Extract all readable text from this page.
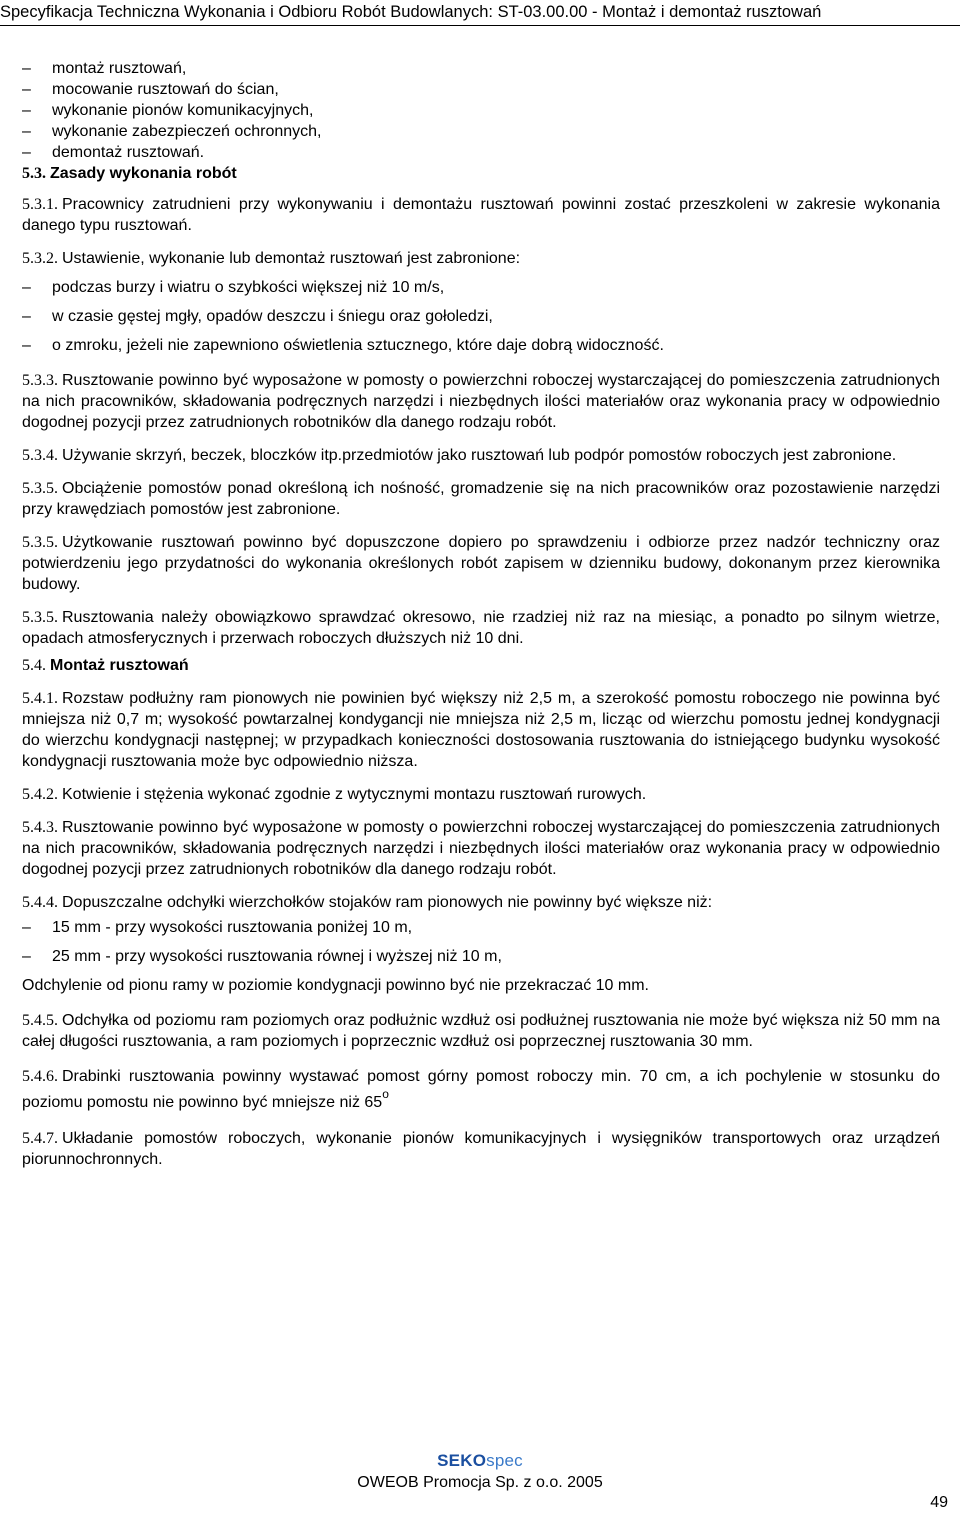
Specyfikacja Techniczna Wykonania i Odbioru Robót Budowlanych: ST-03.00.00 - Montaż i demontaż rusztowań
– montaż rusztowań,
– mocowanie rusztowań do ścian,
– wykonanie pionów komunikacyjnych,
– wykonanie zabezpieczeń ochronnych,
– demontaż rusztowań.

5.3. Zasady wykonania robót

5.3.1. Pracownicy zatrudnieni przy wykonywaniu i demontażu rusztowań powinni zostać przeszkoleni w zakresie wykonania danego typu rusztowań.

5.3.2. Ustawienie, wykonanie lub demontaż rusztowań jest zabronione:

– podczas burzy i wiatru o szybkości większej niż 10 m/s,
– w czasie gęstej mgły, opadów deszczu i śniegu oraz gołoledzi,
– o zmroku, jeżeli nie zapewniono oświetlenia sztucznego, które daje dobrą widoczność.

5.3.3. Rusztowanie powinno być wyposażone w pomosty o powierzchni roboczej wystarczającej do pomieszczenia zatrudnionych na nich pracowników, składowania podręcznych narzędzi i niezbędnych ilości materiałów oraz wykonania pracy w odpowiednio dogodnej pozycji przez zatrudnionych robotników dla danego rodzaju robót.

5.3.4. Używanie skrzyń, beczek, bloczków itp.przedmiotów jako rusztowań lub podpór pomostów roboczych jest zabronione.

5.3.5. Obciążenie pomostów ponad określoną ich nośność, gromadzenie się na nich pracowników oraz pozostawienie narzędzi przy krawędziach pomostów jest zabronione.

5.3.5. Użytkowanie rusztowań powinno być dopuszczone dopiero po sprawdzeniu i odbiorze przez nadzór techniczny oraz potwierdzeniu jego przydatności do wykonania określonych robót zapisem w dzienniku budowy, dokonanym przez kierownika budowy.

5.3.5. Rusztowania należy obowiązkowo sprawdzać okresowo, nie rzadziej niż raz na miesiąc, a ponadto po silnym wietrze, opadach atmosferycznych i przerwach roboczych dłuższych niż 10 dni.

5.4. Montaż rusztowań

5.4.1. Rozstaw podłużny ram pionowych nie powinien być większy niż 2,5 m, a szerokość pomostu roboczego nie powinna być mniejsza niż 0,7 m; wysokość powtarzalnej kondygancji nie mniejsza niż 2,5 m, licząc od wierzchu pomostu jednej kondygnacji do wierzchu kondygnacji następnej; w przypadkach konieczności dostosowania rusztowania do istniejącego budynku wysokość kondygnacji rusztowania może byc odpowiednio niższa.

5.4.2. Kotwienie i stężenia wykonać zgodnie z wytycznymi montazu rusztowań rurowych.

5.4.3. Rusztowanie powinno być wyposażone w pomosty o powierzchni roboczej wystarczającej do pomieszczenia zatrudnionych na nich pracowników, składowania podręcznych narzędzi i niezbędnych ilości materiałów oraz wykonania pracy w odpowiednio dogodnej pozycji przez zatrudnionych robotników dla danego rodzaju robót.

5.4.4. Dopuszczalne odchyłki wierzchołków stojaków ram pionowych nie powinny być większe niż:

– 15 mm - przy wysokości rusztowania poniżej 10 m,
– 25 mm - przy wysokości rusztowania równej i wyższej niż 10 m,

Odchylenie od pionu ramy w poziomie kondygnacji powinno być nie przekraczać 10 mm.

5.4.5. Odchyłka od poziomu ram poziomych oraz podłużnic wzdłuż osi podłużnej rusztowania nie może być większa niż 50 mm na całej długości rusztowania, a ram poziomych i poprzecznic wzdłuż osi poprzecznej rusztowania 30 mm.

5.4.6. Drabinki rusztowania powinny wystawać pomost górny pomost roboczy min. 70 cm, a ich pochylenie w stosunku do poziomu pomostu nie powinno być mniejsze niż 65$^o$

5.4.7. Układanie pomostów roboczych, wykonanie pionów komunikacyjnych i wysięgników transportowych oraz urządzeń piorunnochronnych.

SEKOspec
OWEOB Promocja Sp. z o.o. 2005
49
